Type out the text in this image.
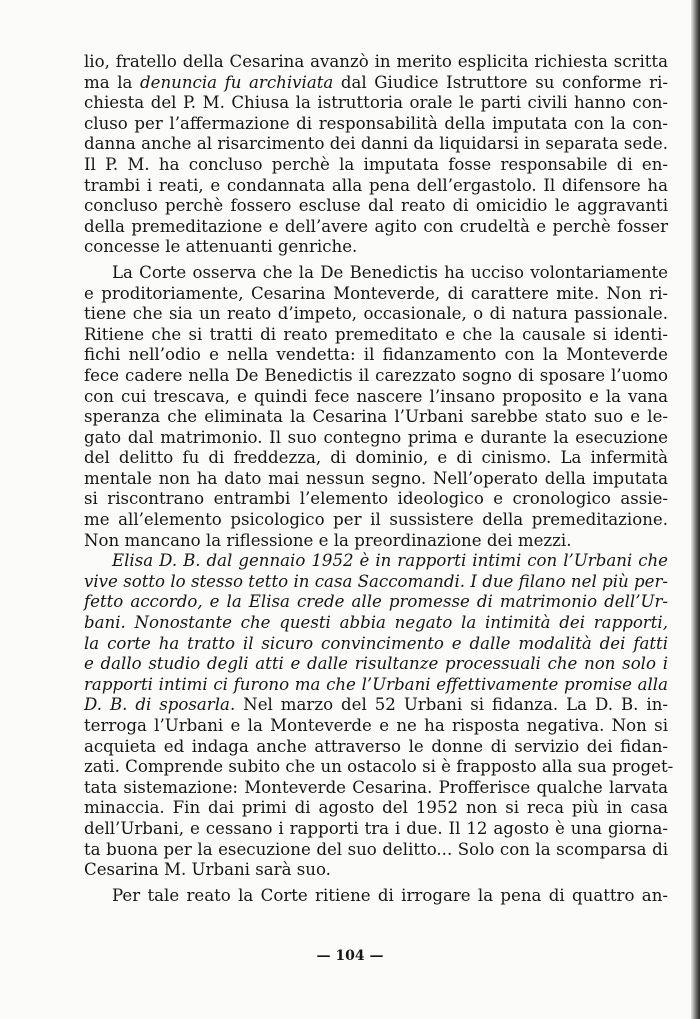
lio, fratello della Cesarina avanzò in merito esplicita richiesta scritta
ma la denuncia fu archiviata dal Giudice Istruttore su conforme ri-
chiesta del P. M. Chiusa la istruttoria orale le parti civili hanno con-
cluso per l’affermazione di responsabilità della imputata con la con-
danna anche al risarcimento dei danni da liquidarsi in separata sede.
Il P. M. ha concluso perchè la imputata fosse responsabile di en-
trambi i reati, e condannata alla pena dell’ergastolo. Il difensore ha
concluso perchè fossero escluse dal reato di omicidio le aggravanti
della premeditazione e dell’avere agito con crudeltà e perchè fosser
concesse le attenuanti genriche.
La Corte osserva che la De Benedictis ha ucciso volontariamente
e proditoriamente, Cesarina Monteverde, di carattere mite. Non ri-
tiene che sia un reato d’impeto, occasionale, o di natura passionale.
Ritiene che si tratti di reato premeditato e che la causale si identi-
fichi nell’odio e nella vendetta: il fidanzamento con la Monteverde
fece cadere nella De Benedictis il carezzato sogno di sposare l’uomo
con cui trescava, e quindi fece nascere l’insano proposito e la vana
speranza che eliminata la Cesarina l’Urbani sarebbe stato suo e le-
gato dal matrimonio. Il suo contegno prima e durante la esecuzione
del delitto fu di freddezza, di dominio, e di cinismo. La infermità
mentale non ha dato mai nessun segno. Nell’operato della imputata
si riscontrano entrambi l’elemento ideologico e cronologico assie-
me all’elemento psicologico per il sussistere della premeditazione.
Non mancano la riflessione e la preordinazione dei mezzi.
Elisa D. B. dal gennaio 1952 è in rapporti intimi con l’Urbani che
vive sotto lo stesso tetto in casa Saccomandi. I due filano nel più per-
fetto accordo, e la Elisa crede alle promesse di matrimonio dell’Ur-
bani. Nonostante che questi abbia negato la intimità dei rapporti,
la corte ha tratto il sicuro convincimento e dalle modalità dei fatti
e dallo studio degli atti e dalle risultanze processuali che non solo i
rapporti intimi ci furono ma che l’Urbani effettivamente promise alla
D. B. di sposarla. Nel marzo del 52 Urbani si fidanza. La D. B. in-
terroga l’Urbani e la Monteverde e ne ha risposta negativa. Non si
acquieta ed indaga anche attraverso le donne di servizio dei fidan-
zati. Comprende subito che un ostacolo si è frapposto alla sua proget-
tata sistemazione: Monteverde Cesarina. Profferisce qualche larvata
minaccia. Fin dai primi di agosto del 1952 non si reca più in casa
dell’Urbani, e cessano i rapporti tra i due. Il 12 agosto è una giorna-
ta buona per la esecuzione del suo delitto... Solo con la scomparsa di
Cesarina M. Urbani sarà suo.
Per tale reato la Corte ritiene di irrogare la pena di quattro an-
— 104 —
